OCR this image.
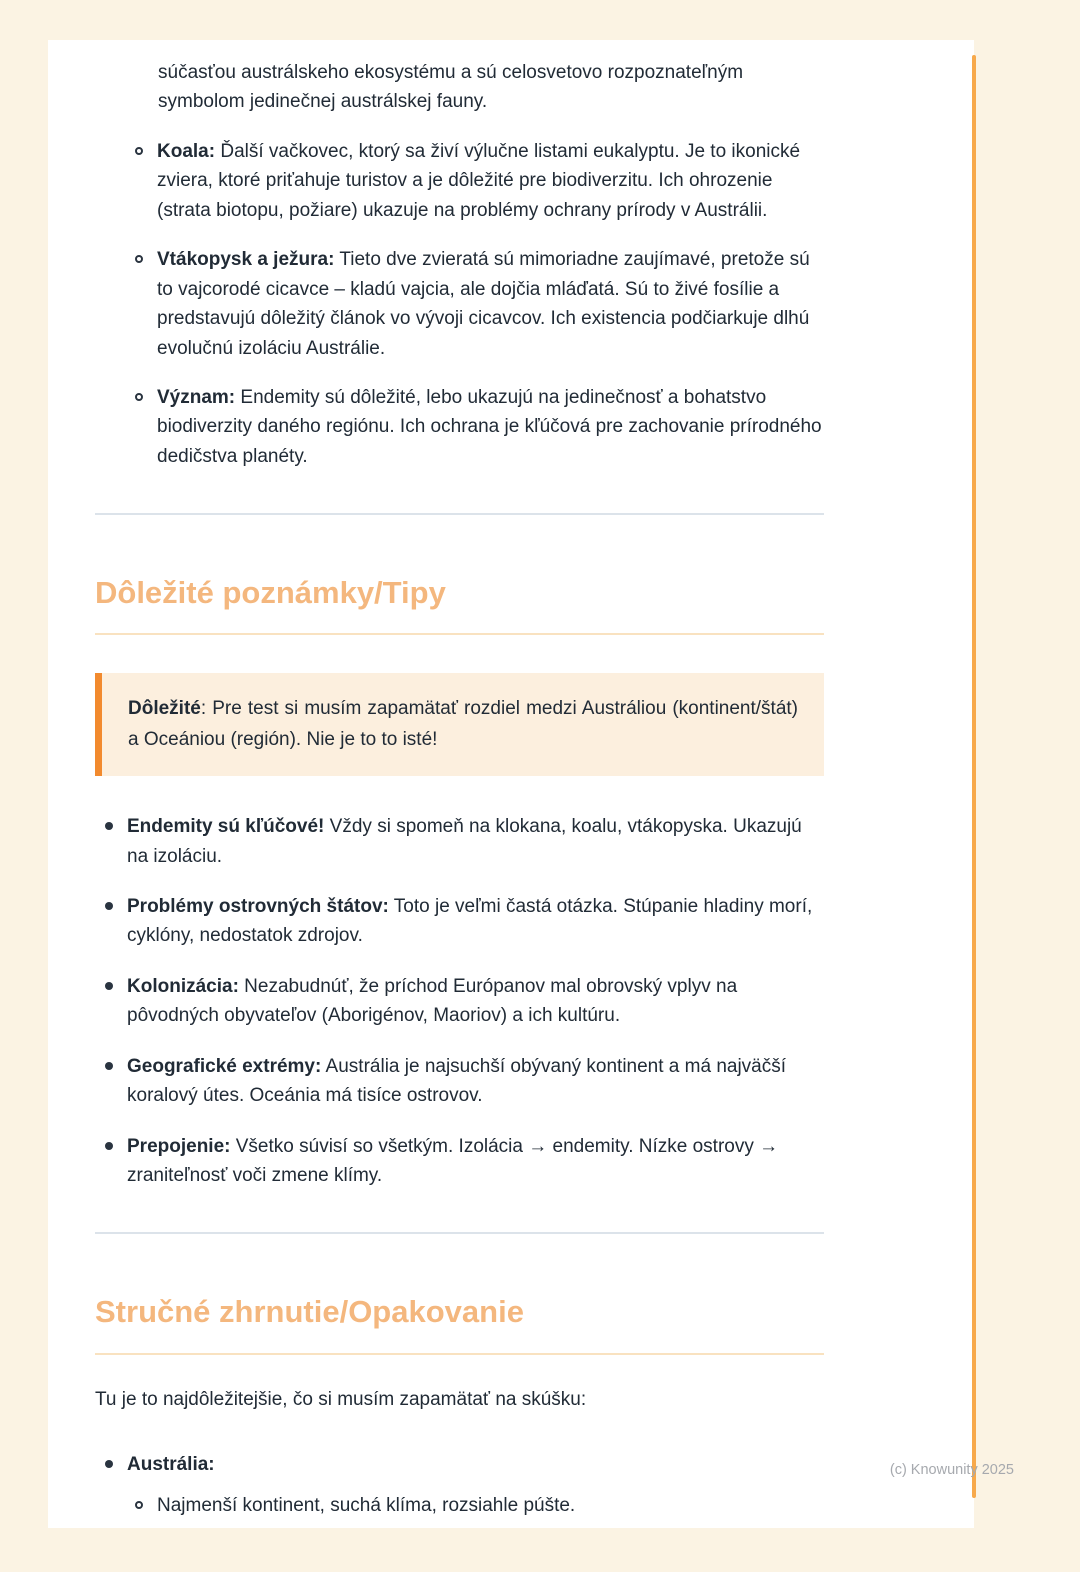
súčasťou austrálskeho ekosystému a sú celosvetovo rozpoznateľným symbolom jedinečnej austrálskej fauny.

Koala: Ďalší vačkovec, ktorý sa živí výlučne listami eukalyptu. Je to ikonické zviera, ktoré priťahuje turistov a je dôležité pre biodiverzitu. Ich ohrozenie (strata biotopu, požiare) ukazuje na problémy ochrany prírody v Austrálii.
Vtákopysk a ježura: Tieto dve zvieratá sú mimoriadne zaujímavé, pretože sú to vajcorodé cicavce – kladú vajcia, ale dojčia mláďatá. Sú to živé fosílie a predstavujú dôležitý článok vo vývoji cicavcov. Ich existencia podčiarkuje dlhú evolučnú izoláciu Austrálie.
Význam: Endemity sú dôležité, lebo ukazujú na jedinečnosť a bohatstvo biodiverzity daného regiónu. Ich ochrana je kľúčová pre zachovanie prírodného dedičstva planéty.
Dôležité poznámky/Tipy

Dôležité: Pre test si musím zapamätať rozdiel medzi Austráliou (kontinent/štát) a Oceániou (región). Nie je to to isté!

Endemity sú kľúčové! Vždy si spomeň na klokana, koalu, vtákopyska. Ukazujú na izoláciu.
Problémy ostrovných štátov: Toto je veľmi častá otázka. Stúpanie hladiny morí, cyklóny, nedostatok zdrojov.
Kolonizácia: Nezabudnúť, že príchod Európanov mal obrovský vplyv na pôvodných obyvateľov (Aborigénov, Maoriov) a ich kultúru.
Geografické extrémy: Austrália je najsuchší obývaný kontinent a má najväčší koralový útes. Oceánia má tisíce ostrovov.
Prepojenie: Všetko súvisí so všetkým. Izolácia → endemity. Nízke ostrovy → zraniteľnosť voči zmene klímy.
Stručné zhrnutie/Opakovanie

Tu je to najdôležitejšie, čo si musím zapamätať na skúšku:

Austrália:
Najmenší kontinent, suchá klíma, rozsiahle púšte.
(c) Knowunity 2025
